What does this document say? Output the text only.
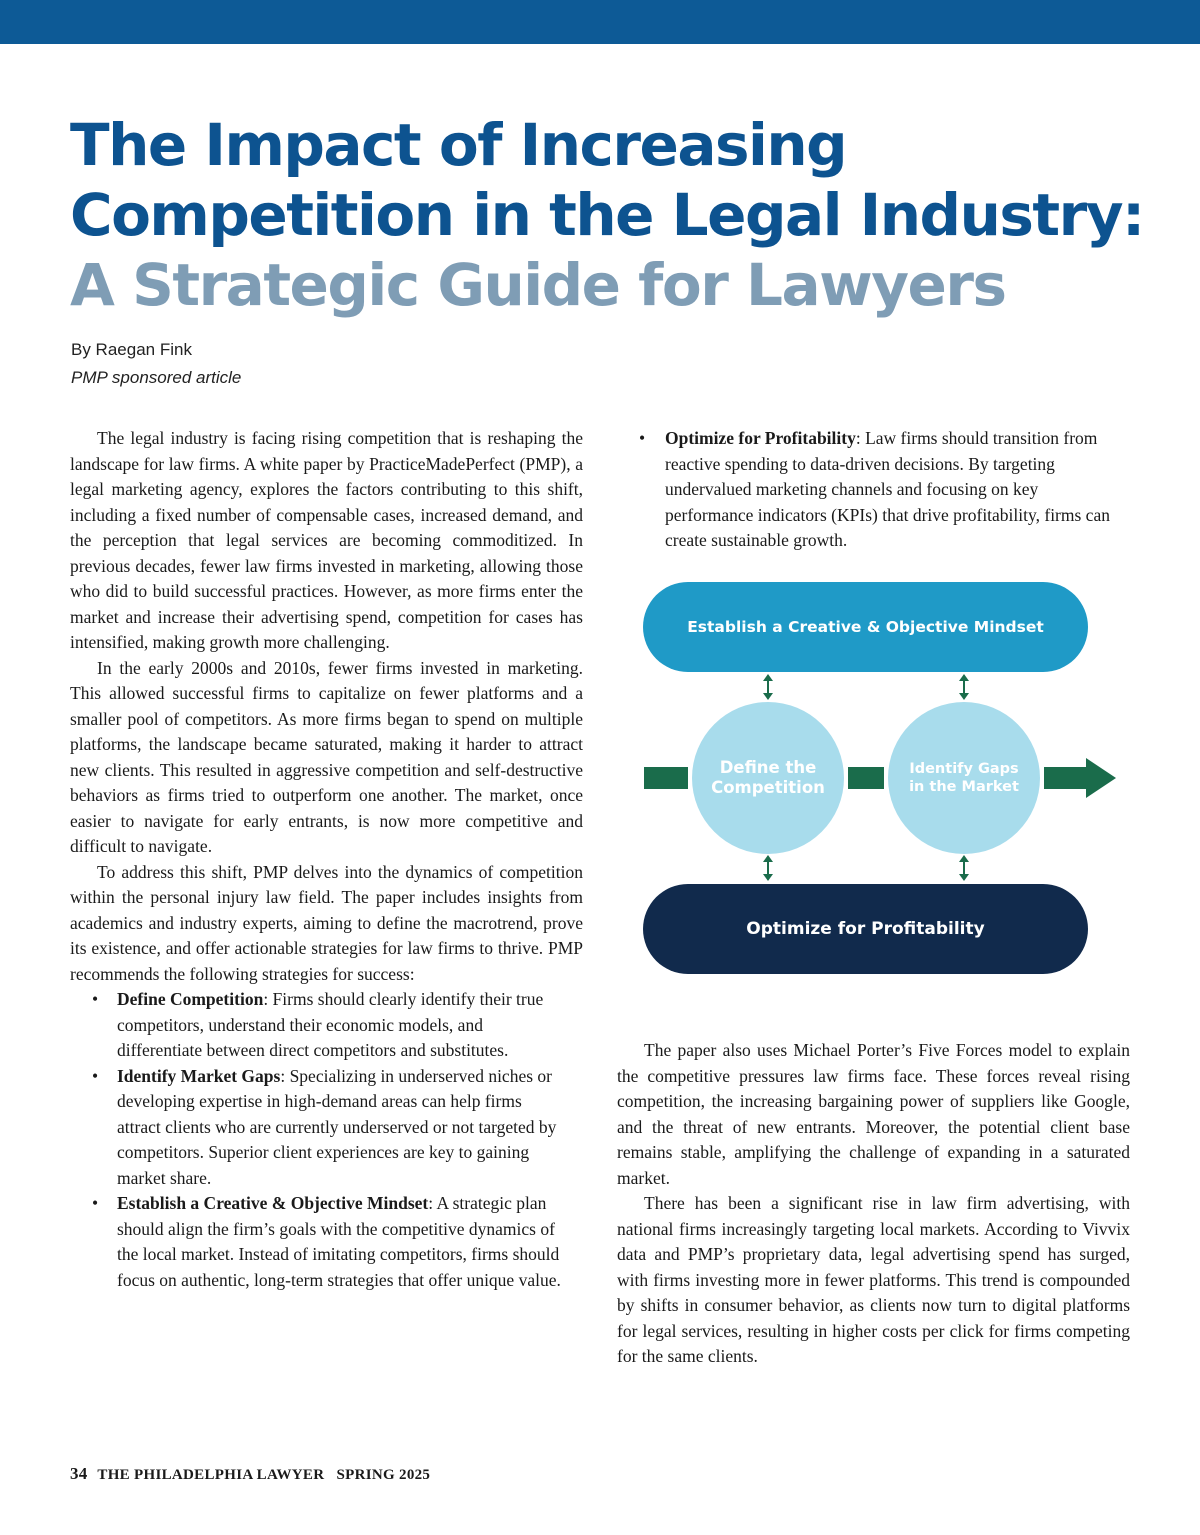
The Impact of Increasing
Competition in the Legal Industry:
A Strategic Guide for Lawyers
By Raegan Fink
PMP sponsored article

The legal industry is facing rising competition that is reshaping the landscape for law firms. A white paper by PracticeMadePerfect (PMP), a legal marketing agency, explores the factors contributing to this shift, including a fixed number of compensable cases, increased demand, and the perception that legal services are becoming commoditized. In previous decades, fewer law firms invested in marketing, allowing those who did to build successful practices. However, as more firms enter the market and increase their advertising spend, competition for cases has intensified, making growth more challenging.

In the early 2000s and 2010s, fewer firms invested in marketing. This allowed successful firms to capitalize on fewer platforms and a smaller pool of competitors. As more firms began to spend on multiple platforms, the landscape became saturated, making it harder to attract new clients. This resulted in aggressive competition and self-destructive behaviors as firms tried to outperform one another. The market, once easier to navigate for early entrants, is now more competitive and difficult to navigate.

To address this shift, PMP delves into the dynamics of competition within the personal injury law field. The paper includes insights from academics and industry experts, aiming to define the macrotrend, prove its existence, and offer actionable strategies for law firms to thrive. PMP recommends the following strategies for success:

• Define Competition: Firms should clearly identify their true competitors, understand their economic models, and differentiate between direct competitors and substitutes.
• Identify Market Gaps: Specializing in underserved niches or developing expertise in high-demand areas can help firms attract clients who are currently underserved or not targeted by competitors. Superior client experiences are key to gaining market share.
• Establish a Creative & Objective Mindset: A strategic plan should align the firm’s goals with the competitive dynamics of the local market. Instead of imitating competitors, firms should focus on authentic, long-term strategies that offer unique value.
• Optimize for Profitability: Law firms should transition from reactive spending to data-driven decisions. By targeting undervalued marketing channels and focusing on key performance indicators (KPIs) that drive profitability, firms can create sustainable growth.
Establish a Creative & Objective Mindset
Define the
Competition
Identify Gaps
in the Market
Optimize for Profitability

The paper also uses Michael Porter’s Five Forces model to explain the competitive pressures law firms face. These forces reveal rising competition, the increasing bargaining power of suppliers like Google, and the threat of new entrants. Moreover, the potential client base remains stable, amplifying the challenge of expanding in a saturated market.

There has been a significant rise in law firm advertising, with national firms increasingly targeting local markets. According to Vivvix data and PMP’s proprietary data, legal advertising spend has surged, with firms investing more in fewer platforms. This trend is compounded by shifts in consumer behavior, as clients now turn to digital platforms for legal services, resulting in higher costs per click for firms competing for the same clients.

34 THE PHILADELPHIA LAWYER SPRING 2025
